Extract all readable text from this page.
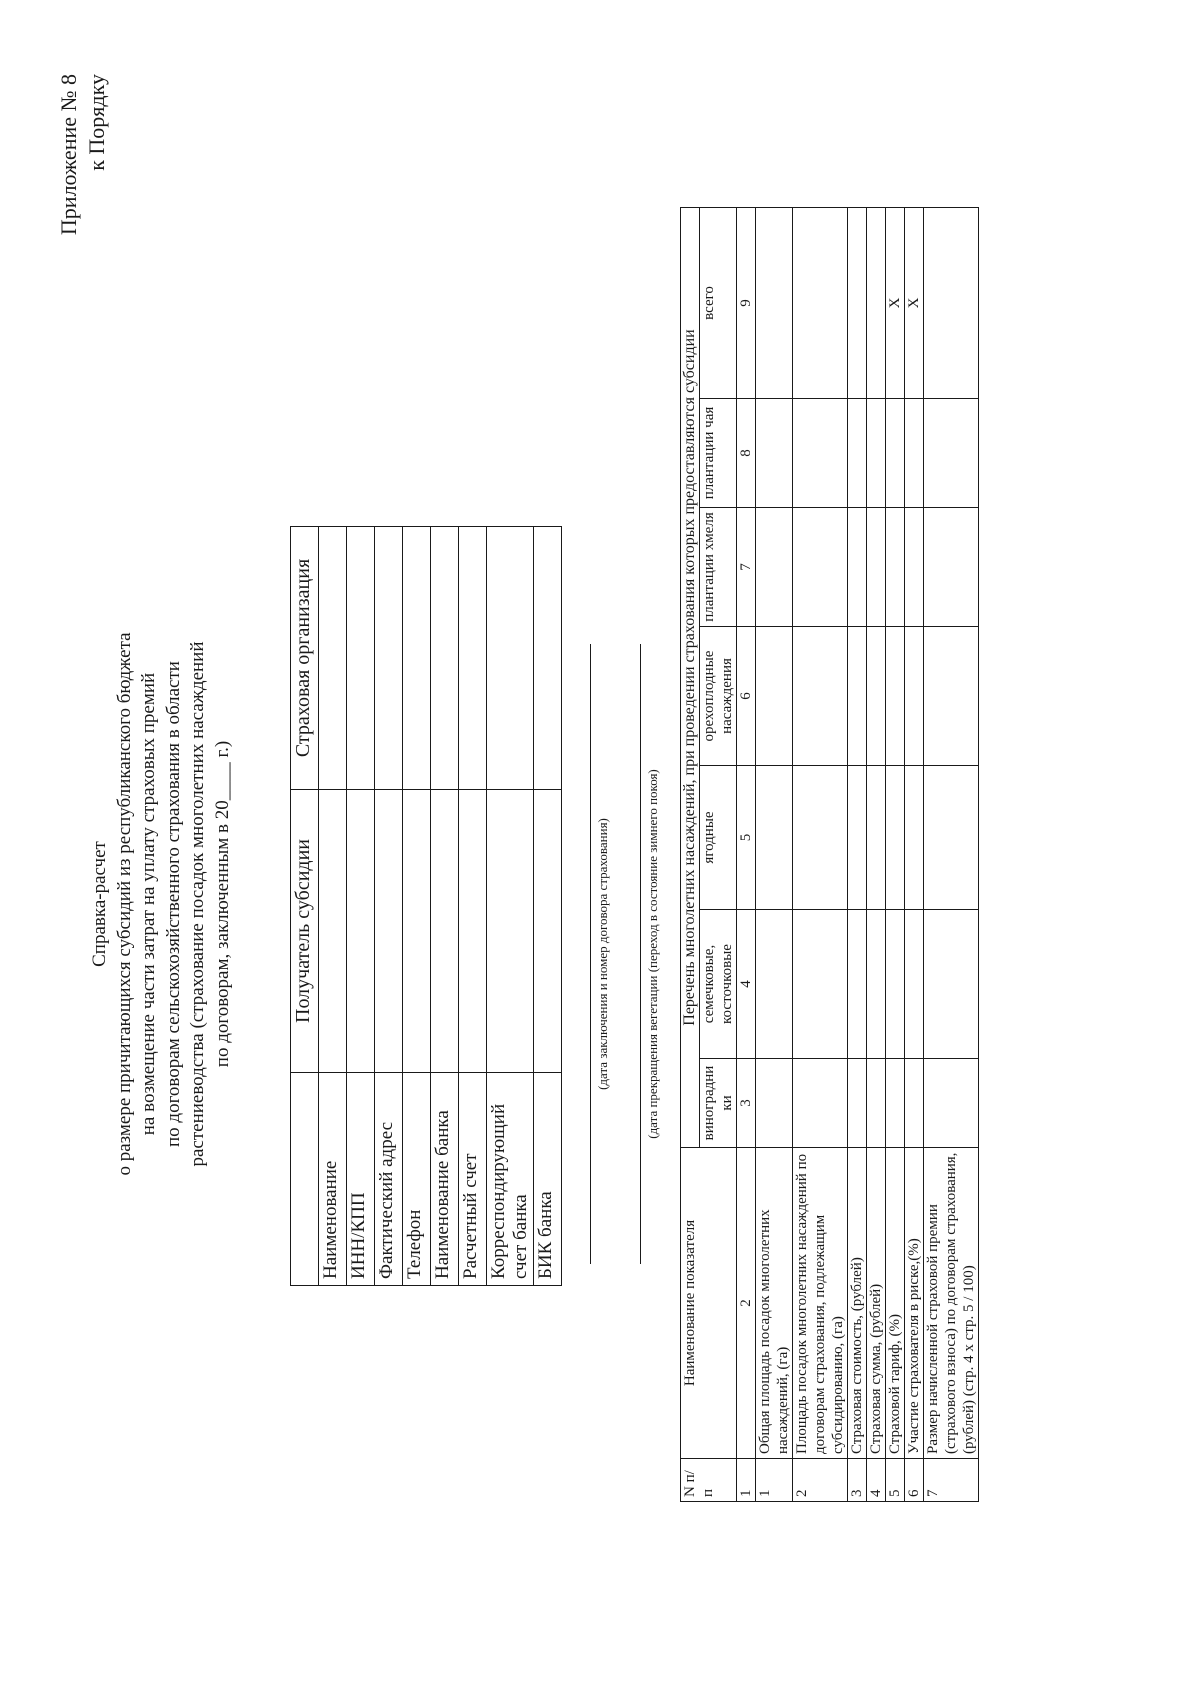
Приложение № 8 к Порядку
Справка-расчет о размере причитающихся субсидий из республиканского бюджета на возмещение части затрат на уплату страховых премий по договорам сельскохозяйственного страхования в области растениеводства (страхование посадок многолетних насаждений по договорам, заключенным в 20____ г.)
		Получатель субсидии	Страховая организация
Наименование		
ИНН/КПП		
Фактический адрес		
Телефон		
Наименование банка		
Расчетный счет		
Корреспондирующий счет банка		
БИК банка		
(дата заключения и номер договора страхования)	(дата прекращения вегетации (переход в состояние зимнего покоя)
N п/п	Наименование показателя	Перечень многолетних насаждений, при проведении страхования которых предоставляются субсидии						
		виноградни ки	семечковые, косточковые	ягодные	орехоплодные насаждения	плантации хмеля	плантации чая	всего
1	2	3	4	5	6	7	8	9
1	Общая площадь посадок многолетних насаждений, (га)							
2	Площадь посадок многолетних насаждений по договорам страхования, подлежащим субсидированию, (га)							
3	Страховая стоимость, (рублей)							
4	Страховая сумма, (рублей)							
5	Страховой тариф, (%)							X
6	Участие страхователя в риске,(%)							X
7	Размер начисленной страховой премии (страхового взноса) по договорам страхования, (рублей) (стр. 4 x стр. 5 / 100)							
